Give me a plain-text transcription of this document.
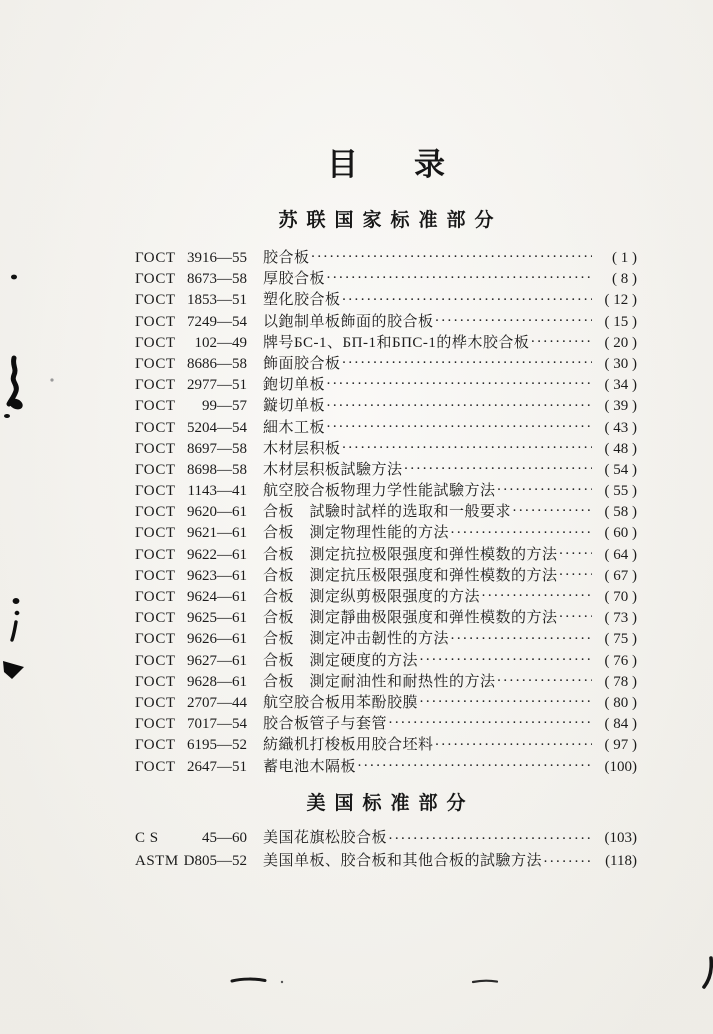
目 录
苏联国家标准部分
ГОСТ 3916—55 胶合板 ·····	( 1 )
ГОСТ 8673—58 厚胶合板 ·····	( 8 )
ГОСТ 1853—51 塑化胶合板 ·····	( 12 )
ГОСТ 7249—54 以鉋制单板飾面的胶合板 ·····	( 15 )
ГОСТ	102—49 牌号БС-1、БП-1和БПС-1的桦木胶合板 ·····	( 20 )
ГОСТ 8686—58 飾面胶合板 ·····	( 30 )
ГОСТ 2977—51 鉋切单板 ·····	( 34 )
ГОСТ	99—57 鏇切单板 ·····	( 39 )
ГОСТ 5204—54 細木工板 ·····	( 43 )
ГОСТ 8697—58 木材层积板 ·····	( 48 )
ГОСТ 8698—58 木材层积板試驗方法 ·····	( 54 )
ГОСТ 1143—41 航空胶合板物理力学性能試驗方法 ·····	( 55 )
ГОСТ 9620—61 合板　試驗时試样的选取和一般要求 ·····	( 58 )
ГОСТ 9621—61 合板　測定物理性能的方法 ·····	( 60 )
ГОСТ 9622—61 合板　測定抗拉极限强度和弹性模数的方法 ·····	( 64 )
ГОСТ 9623—61 合板　測定抗压极限强度和弹性模数的方法 ·····	( 67 )
ГОСТ 9624—61 合板　測定纵剪极限强度的方法 ·····	( 70 )
ГОСТ 9625—61 合板　測定靜曲极限强度和弹性模数的方法 ·····	( 73 )
ГОСТ 9626—61 合板　測定冲击韌性的方法 ·····	( 75 )
ГОСТ 9627—61 合板　測定硬度的方法 ·····	( 76 )
ГОСТ 9628—61 合板　測定耐油性和耐热性的方法 ·····	( 78 )
ГОСТ 2707—44 航空胶合板用苯酚胶膜 ·····	( 80 )
ГОСТ 7017—54 胶合板管子与套管 ·····	( 84 )
ГОСТ 6195—52 紡織机打梭板用胶合坯料 ·····	( 97 )
ГОСТ 2647—51 蓄电池木隔板 ·····	(100)
美国标准部分
C S	45—60 美国花旗松胶合板 ·····	(103)
ASTM D805—52 美国单板、胶合板和其他合板的試驗方法 ·····	(118)
